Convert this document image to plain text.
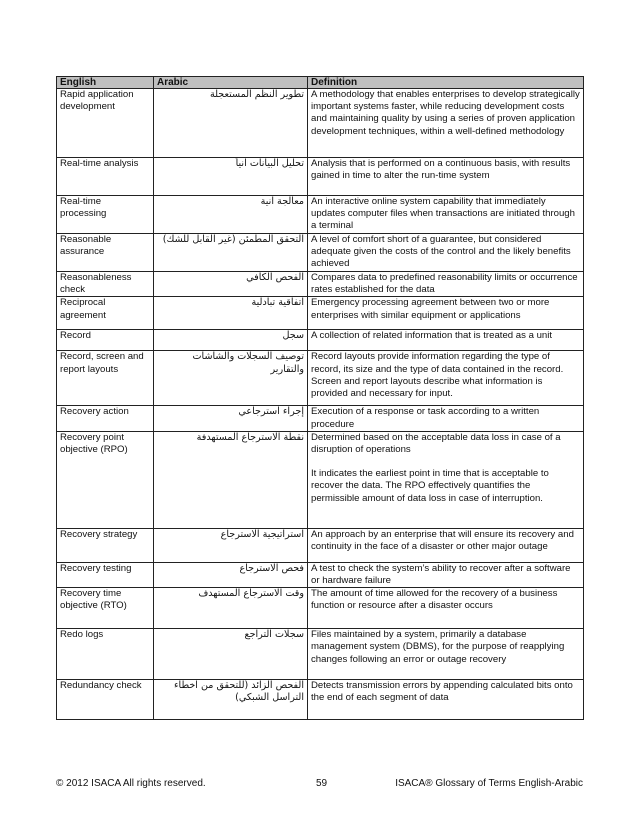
English	Arabic	Definition
Rapid application development	تطوير النظم المستعجلة	A methodology that enables enterprises to develop strategically important systems faster, while reducing development costs and maintaining quality by using a series of proven application development techniques, within a well-defined methodology

Real-time analysis	تحليل البيانات آنياً	Analysis that is performed on a continuous basis, with results gained in time to alter the run-time system

Real-time processing	معالجة آنية	An interactive online system capability that immediately updates computer files when transactions are initiated through a terminal

Reasonable assurance	التحقق المطمئن (غير القابل للشك)	A level of comfort short of a guarantee, but considered adequate given the costs of the control and the likely benefits achieved

Reasonableness check	الفحص الكافي	Compares data to predefined reasonability limits or occurrence rates established for the data

Reciprocal agreement	اتفاقية تبادلية	Emergency processing agreement between two or more enterprises with similar equipment or applications

Record	سجل	A collection of related information that is treated as a unit

Record, screen and report layouts	توصيف السجلات والشاشات والتقارير	Record layouts provide information regarding the type of record, its size and the type of data contained in the record. Screen and report layouts describe what information is provided and necessary for input.

Recovery action	إجراء استرجاعي	Execution of a response or task according to a written procedure

Recovery point objective (RPO)	نقطة الاسترجاع المستهدفة	Determined based on the acceptable data loss in case of a disruption of operations
It indicates the earliest point in time that is acceptable to recover the data. The RPO effectively quantifies the permissible amount of data loss in case of interruption.

Recovery strategy	استراتيجية الاسترجاع	An approach by an enterprise that will ensure its recovery and continuity in the face of a disaster or other major outage

Recovery testing	فحص الاسترجاع	A test to check the system’s ability to recover after a software or hardware failure

Recovery time objective (RTO)	وقت الاسترجاع المستهدف	The amount of time allowed for the recovery of a business function or resource after a disaster occurs

Redo logs	سجلات التراجع	Files maintained by a system, primarily a database management system (DBMS), for the purpose of reapplying changes following an error or outage recovery

Redundancy check	الفحص الزائد (للتحقق من اخطاء التراسل الشبكي)	Detects transmission errors by appending calculated bits onto the end of each segment of data
© 2012 ISACA All rights reserved.	59	ISACA® Glossary of Terms English-Arabic
